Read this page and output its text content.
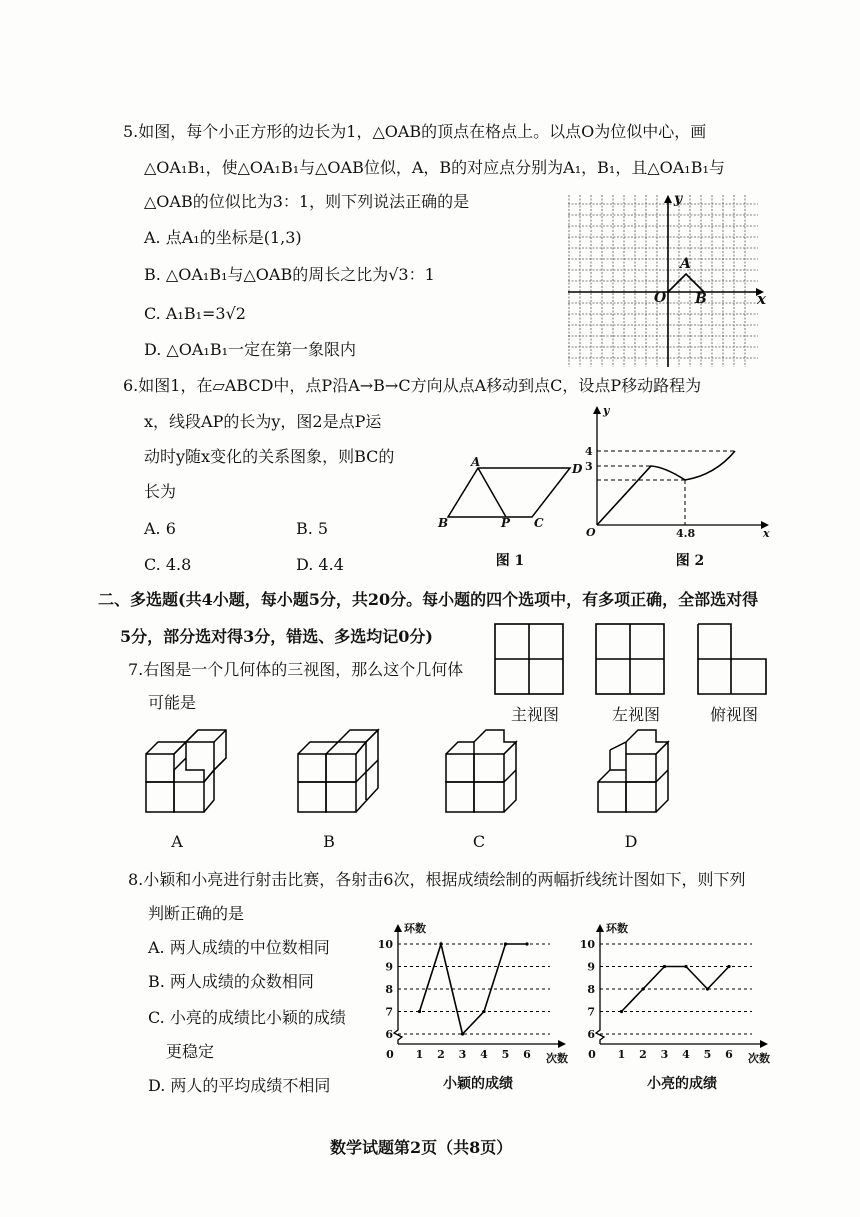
5.如图，每个小正方形的边长为1，△OAB的顶点在格点上。以点O为位似中心，画
△OA₁B₁，使△OA₁B₁与△OAB位似，A，B的对应点分别为A₁，B₁，且△OA₁B₁与
△OAB的位似比为3：1，则下列说法正确的是
A. 点A₁的坐标是(1,3)
B. △OA₁B₁与△OAB的周长之比为√3：1
C. A₁B₁=3√2
D. △OA₁B₁一定在第一象限内
y
x
O
A
B
6.如图1，在▱ABCD中，点P沿A→B→C方向从点A移动到点C，设点P移动路程为
x，线段AP的长为y，图2是点P运
动时y随x变化的关系图象，则BC的
长为
A. 6	B. 5
C. 4.8	D. 4.4
A	D
B	P C
图 1
y
x
O
4
3
4.8
图 2
二、多选题(共4小题，每小题5分，共20分。每小题的四个选项中，有多项正确，全部选对得
5分，部分选对得3分，错选、多选均记0分)
7.右图是一个几何体的三视图，那么这个几何体
可能是
主视图	左视图	俯视图
A	B	C	D
8.小颖和小亮进行射击比赛，各射击6次，根据成绩绘制的两幅折线统计图如下，则下列
判断正确的是
A. 两人成绩的中位数相同
B. 两人成绩的众数相同
C. 小亮的成绩比小颖的成绩
更稳定
D. 两人的平均成绩不相同
6
7
8
9
10
环数
次数
0 1 2 3 4 5 6
小颖的成绩
6
7
8
9
10
环数
次数
0 1 2 3 4 5 6
小亮的成绩
数学试题第2页（共8页）
